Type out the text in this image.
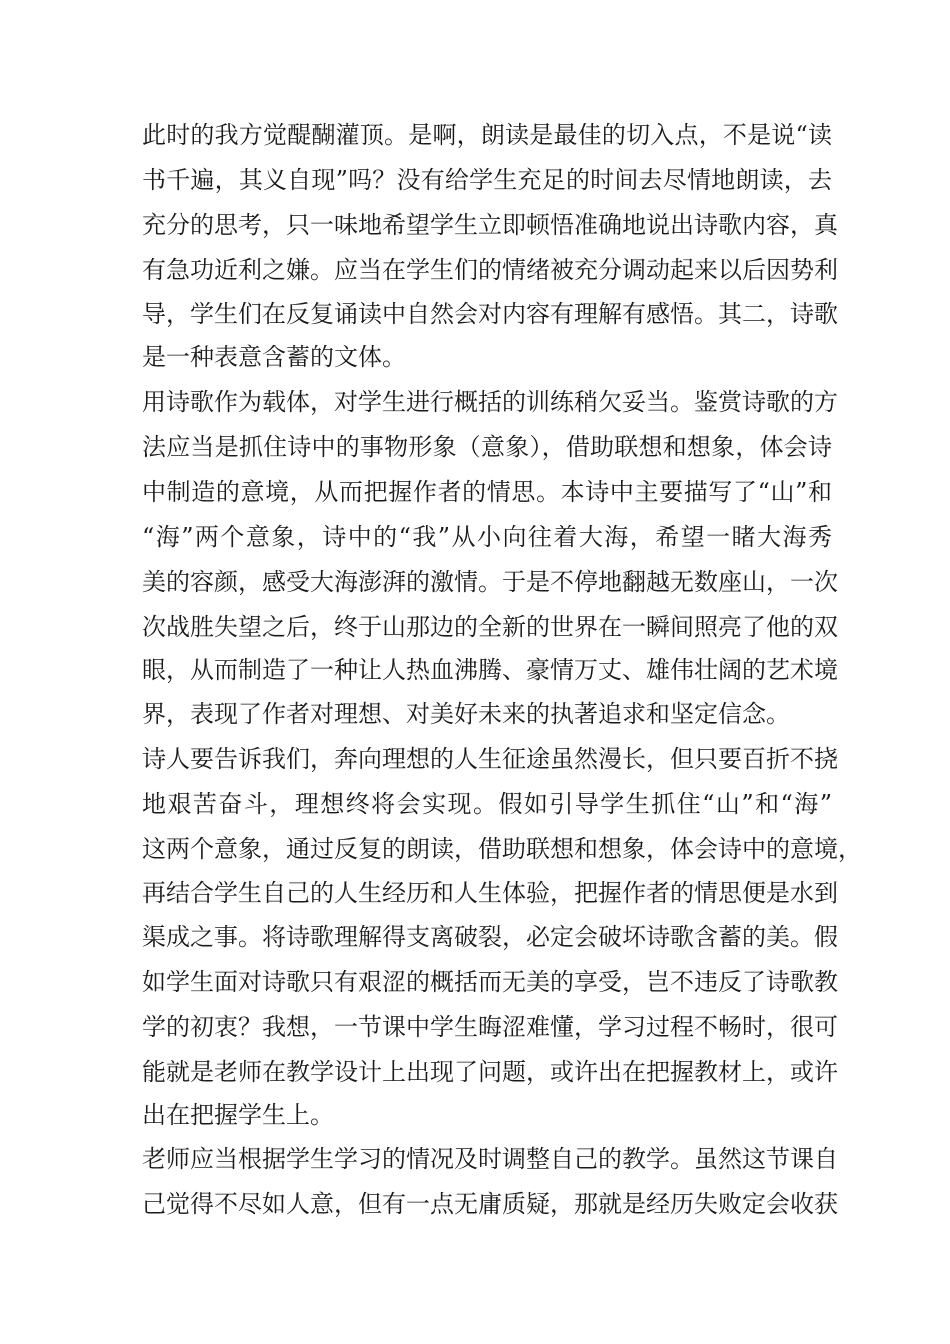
此时的我方觉醍醐灌顶。是啊，朗读是最佳的切入点，不是说“读
书千遍，其义自现”吗？没有给学生充足的时间去尽情地朗读，去
充分的思考，只一味地希望学生立即顿悟准确地说出诗歌内容，真
有急功近利之嫌。应当在学生们的情绪被充分调动起来以后因势利
导，学生们在反复诵读中自然会对内容有理解有感悟。其二，诗歌
是一种表意含蓄的文体。
用诗歌作为载体，对学生进行概括的训练稍欠妥当。鉴赏诗歌的方
法应当是抓住诗中的事物形象（意象），借助联想和想象，体会诗
中制造的意境，从而把握作者的情思。本诗中主要描写了“山”和
“海”两个意象，诗中的“我”从小向往着大海，希望一睹大海秀
美的容颜，感受大海澎湃的激情。于是不停地翻越无数座山，一次
次战胜失望之后，终于山那边的全新的世界在一瞬间照亮了他的双
眼，从而制造了一种让人热血沸腾、豪情万丈、雄伟壮阔的艺术境
界，表现了作者对理想、对美好未来的执著追求和坚定信念。
诗人要告诉我们，奔向理想的人生征途虽然漫长，但只要百折不挠
地艰苦奋斗，理想终将会实现。假如引导学生抓住“山”和“海”
这两个意象，通过反复的朗读，借助联想和想象，体会诗中的意境，
再结合学生自己的人生经历和人生体验，把握作者的情思便是水到
渠成之事。将诗歌理解得支离破裂，必定会破坏诗歌含蓄的美。假
如学生面对诗歌只有艰涩的概括而无美的享受，岂不违反了诗歌教
学的初衷？我想，一节课中学生晦涩难懂，学习过程不畅时，很可
能就是老师在教学设计上出现了问题，或许出在把握教材上，或许
出在把握学生上。
老师应当根据学生学习的情况及时调整自己的教学。虽然这节课自
己觉得不尽如人意，但有一点无庸质疑，那就是经历失败定会收获
